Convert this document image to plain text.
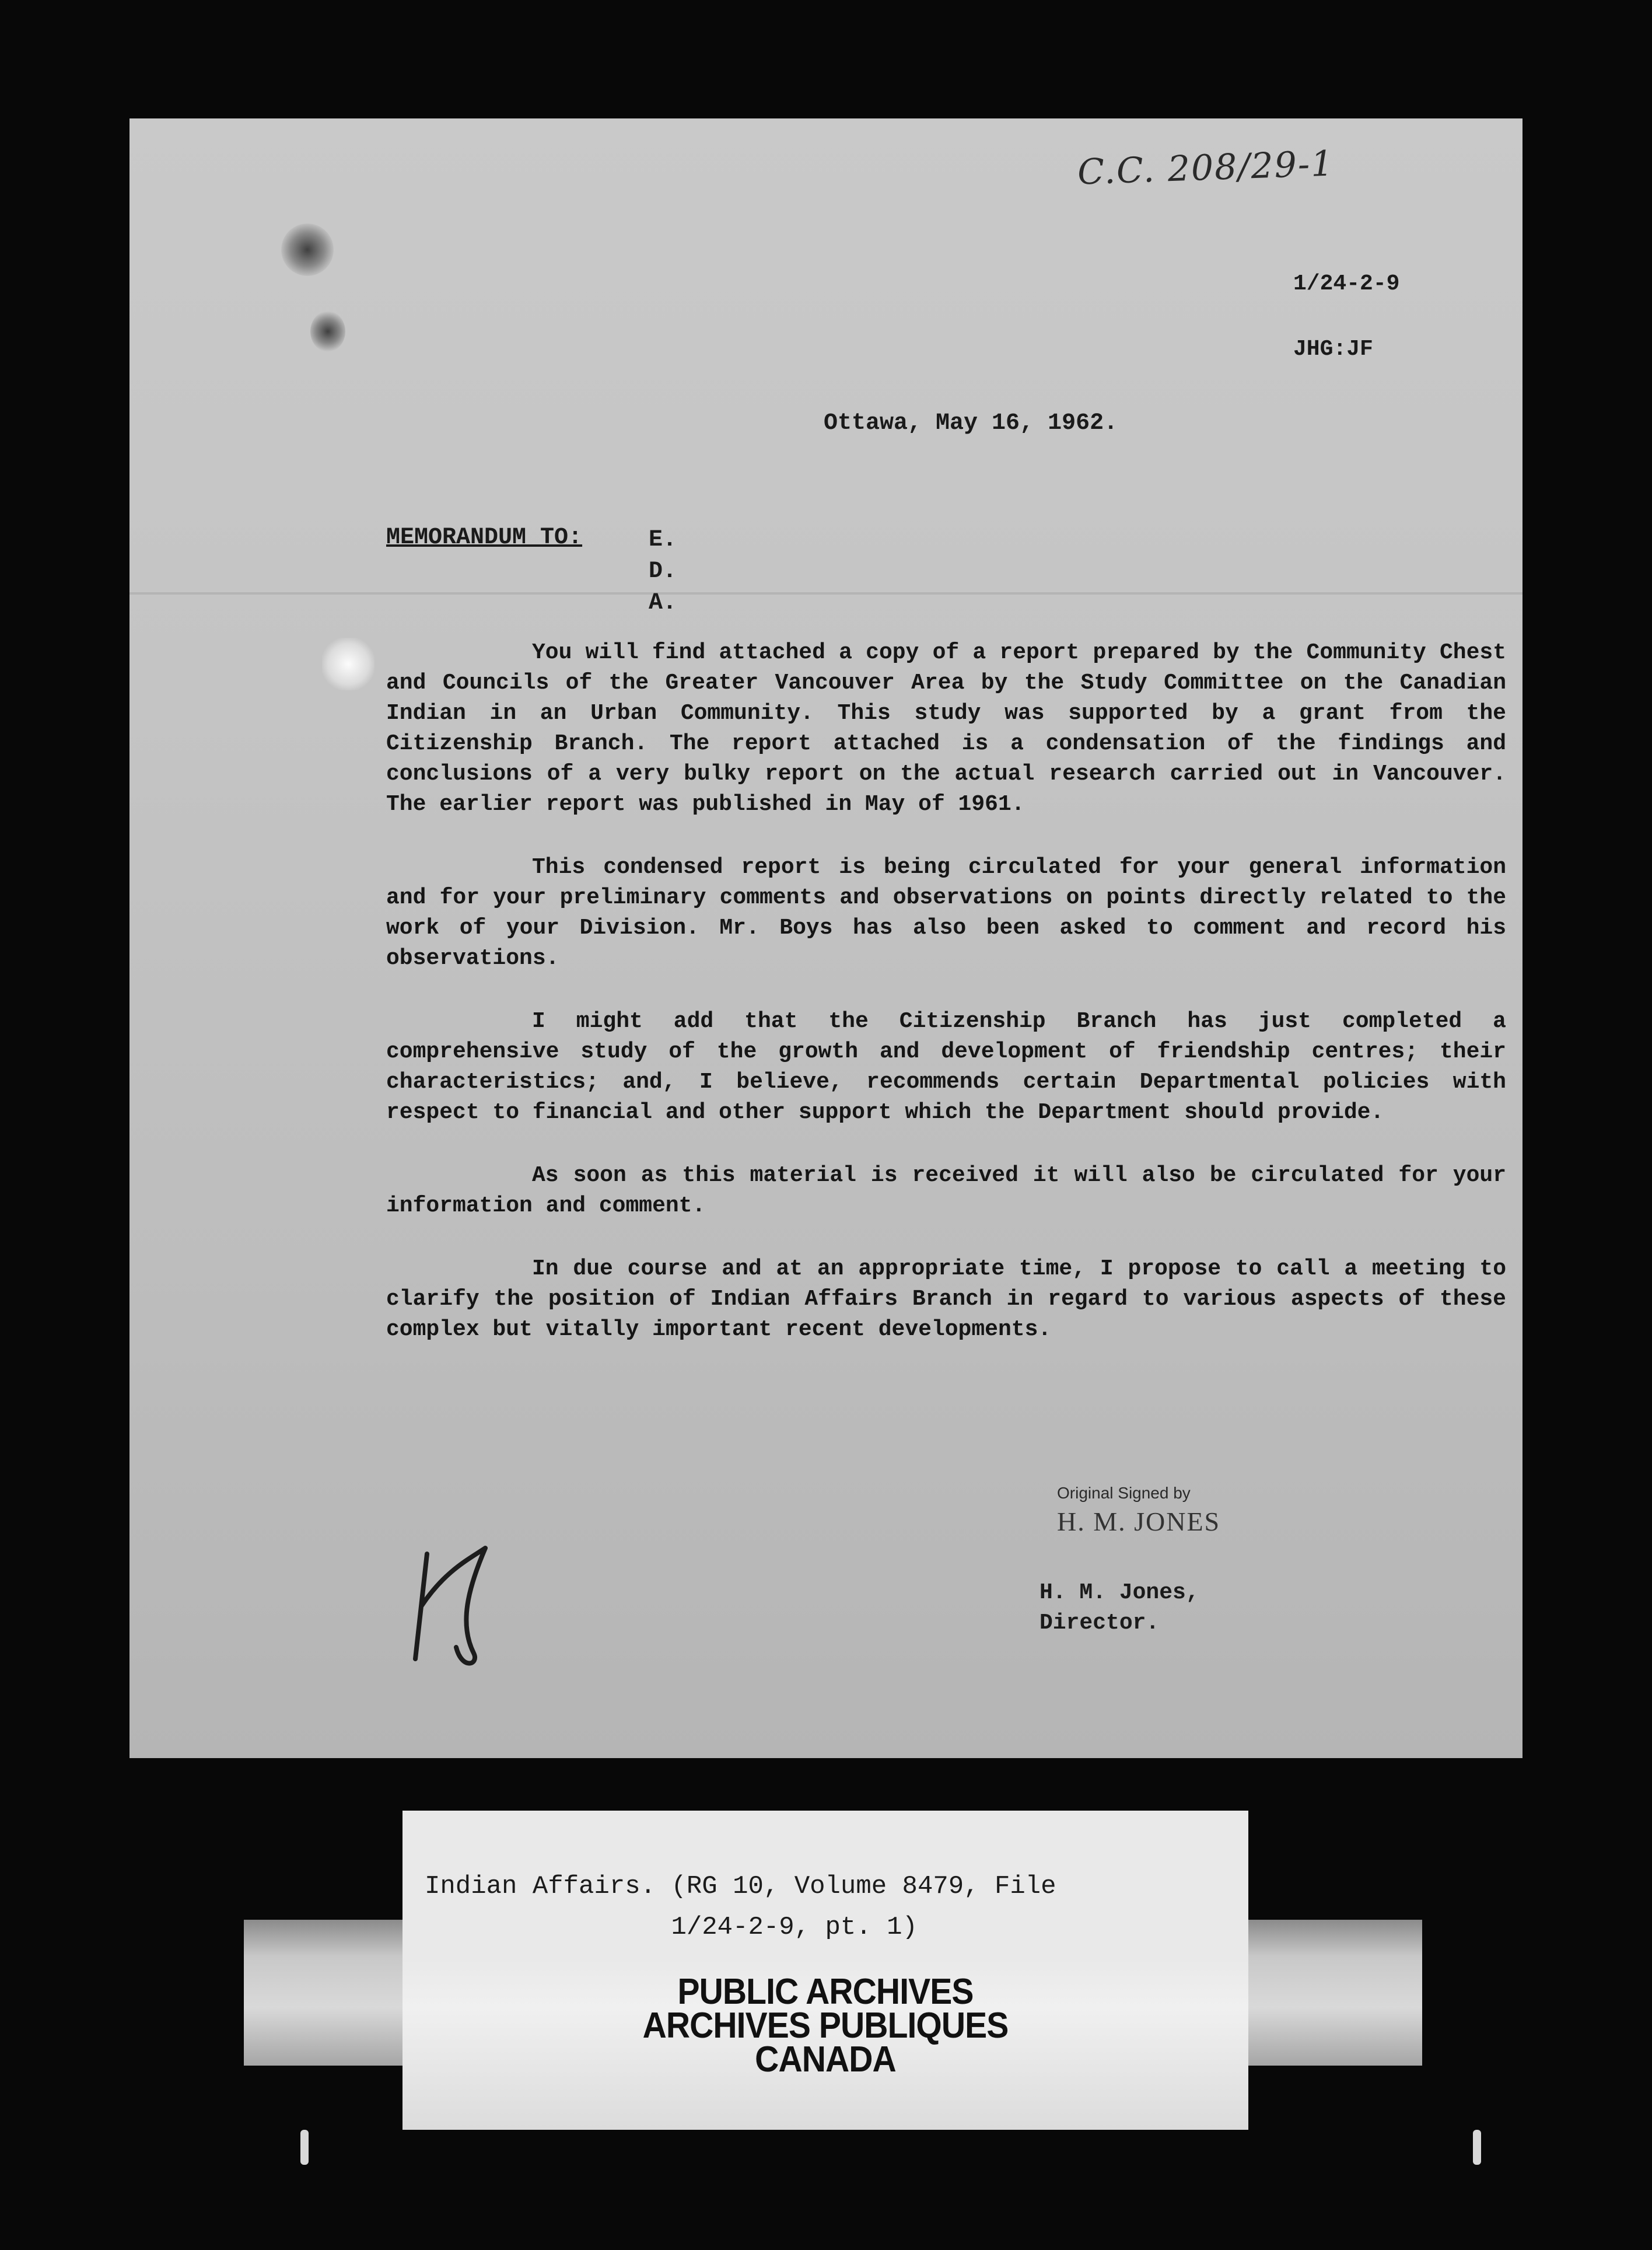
C.C. 208/29-1
1/24-2-9
JHG:JF
Ottawa, May 16, 1962.
MEMORANDUM TO:	E.
D.
A.

You will find attached a copy of a report prepared by the Community Chest and Councils of the Greater Vancouver Area by the Study Committee on the Canadian Indian in an Urban Community. This study was supported by a grant from the Citizenship Branch. The report attached is a condensation of the findings and conclusions of a very bulky report on the actual research carried out in Vancouver. The earlier report was published in May of 1961.

This condensed report is being circulated for your general information and for your preliminary comments and observations on points directly related to the work of your Division. Mr. Boys has also been asked to comment and record his observations.

I might add that the Citizenship Branch has just completed a comprehensive study of the growth and development of friendship centres; their characteristics; and, I believe, recommends certain Departmental policies with respect to financial and other support which the Department should provide.

As soon as this material is received it will also be circulated for your information and comment.

In due course and at an appropriate time, I propose to call a meeting to clarify the position of Indian Affairs Branch in regard to various aspects of these complex but vitally important recent developments.

Original Signed by
H. M. JONES
H. M. Jones,
Director.
Indian Affairs. (RG 10, Volume 8479, File
1/24-2-9, pt. 1)
PUBLIC ARCHIVES
ARCHIVES PUBLIQUES
CANADA
